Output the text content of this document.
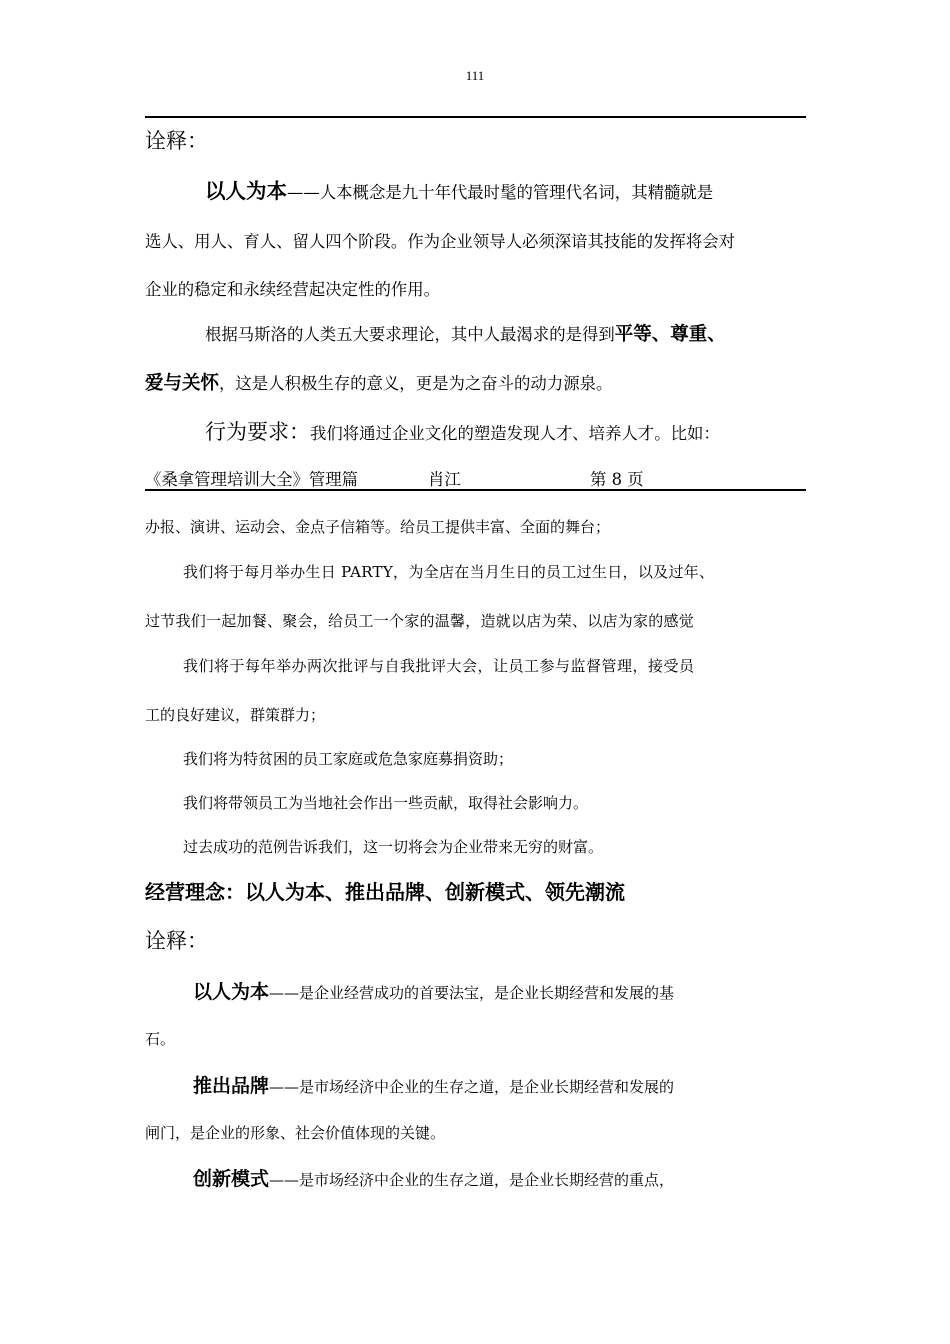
111
诠释：
以人为本——人本概念是九十年代最时髦的管理代名词，其精髓就是
选人、用人、育人、留人四个阶段。作为企业领导人必须深谙其技能的发挥将会对
企业的稳定和永续经营起决定性的作用。
根据马斯洛的人类五大要求理论，其中人最渴求的是得到平等、尊重、
爱与关怀，这是人积极生存的意义，更是为之奋斗的动力源泉。
行为要求：我们将通过企业文化的塑造发现人才、培养人才。比如：
《桑拿管理培训大全》管理篇	肖江	第 8 页
办报、演讲、运动会、金点子信箱等。给员工提供丰富、全面的舞台；
我们将于每月举办生日 PARTY，为全店在当月生日的员工过生日，以及过年、
过节我们一起加餐、聚会，给员工一个家的温馨，造就以店为荣、以店为家的感觉
我们将于每年举办两次批评与自我批评大会，让员工参与监督管理，接受员
工的良好建议，群策群力；
我们将为特贫困的员工家庭或危急家庭募捐资助；
我们将带领员工为当地社会作出一些贡献，取得社会影响力。
过去成功的范例告诉我们，这一切将会为企业带来无穷的财富。
经营理念：以人为本、推出品牌、创新模式、领先潮流
诠释：
以人为本——是企业经营成功的首要法宝，是企业长期经营和发展的基
石。
推出品牌——是市场经济中企业的生存之道，是企业长期经营和发展的
闸门，是企业的形象、社会价值体现的关键。
创新模式——是市场经济中企业的生存之道，是企业长期经营的重点，
